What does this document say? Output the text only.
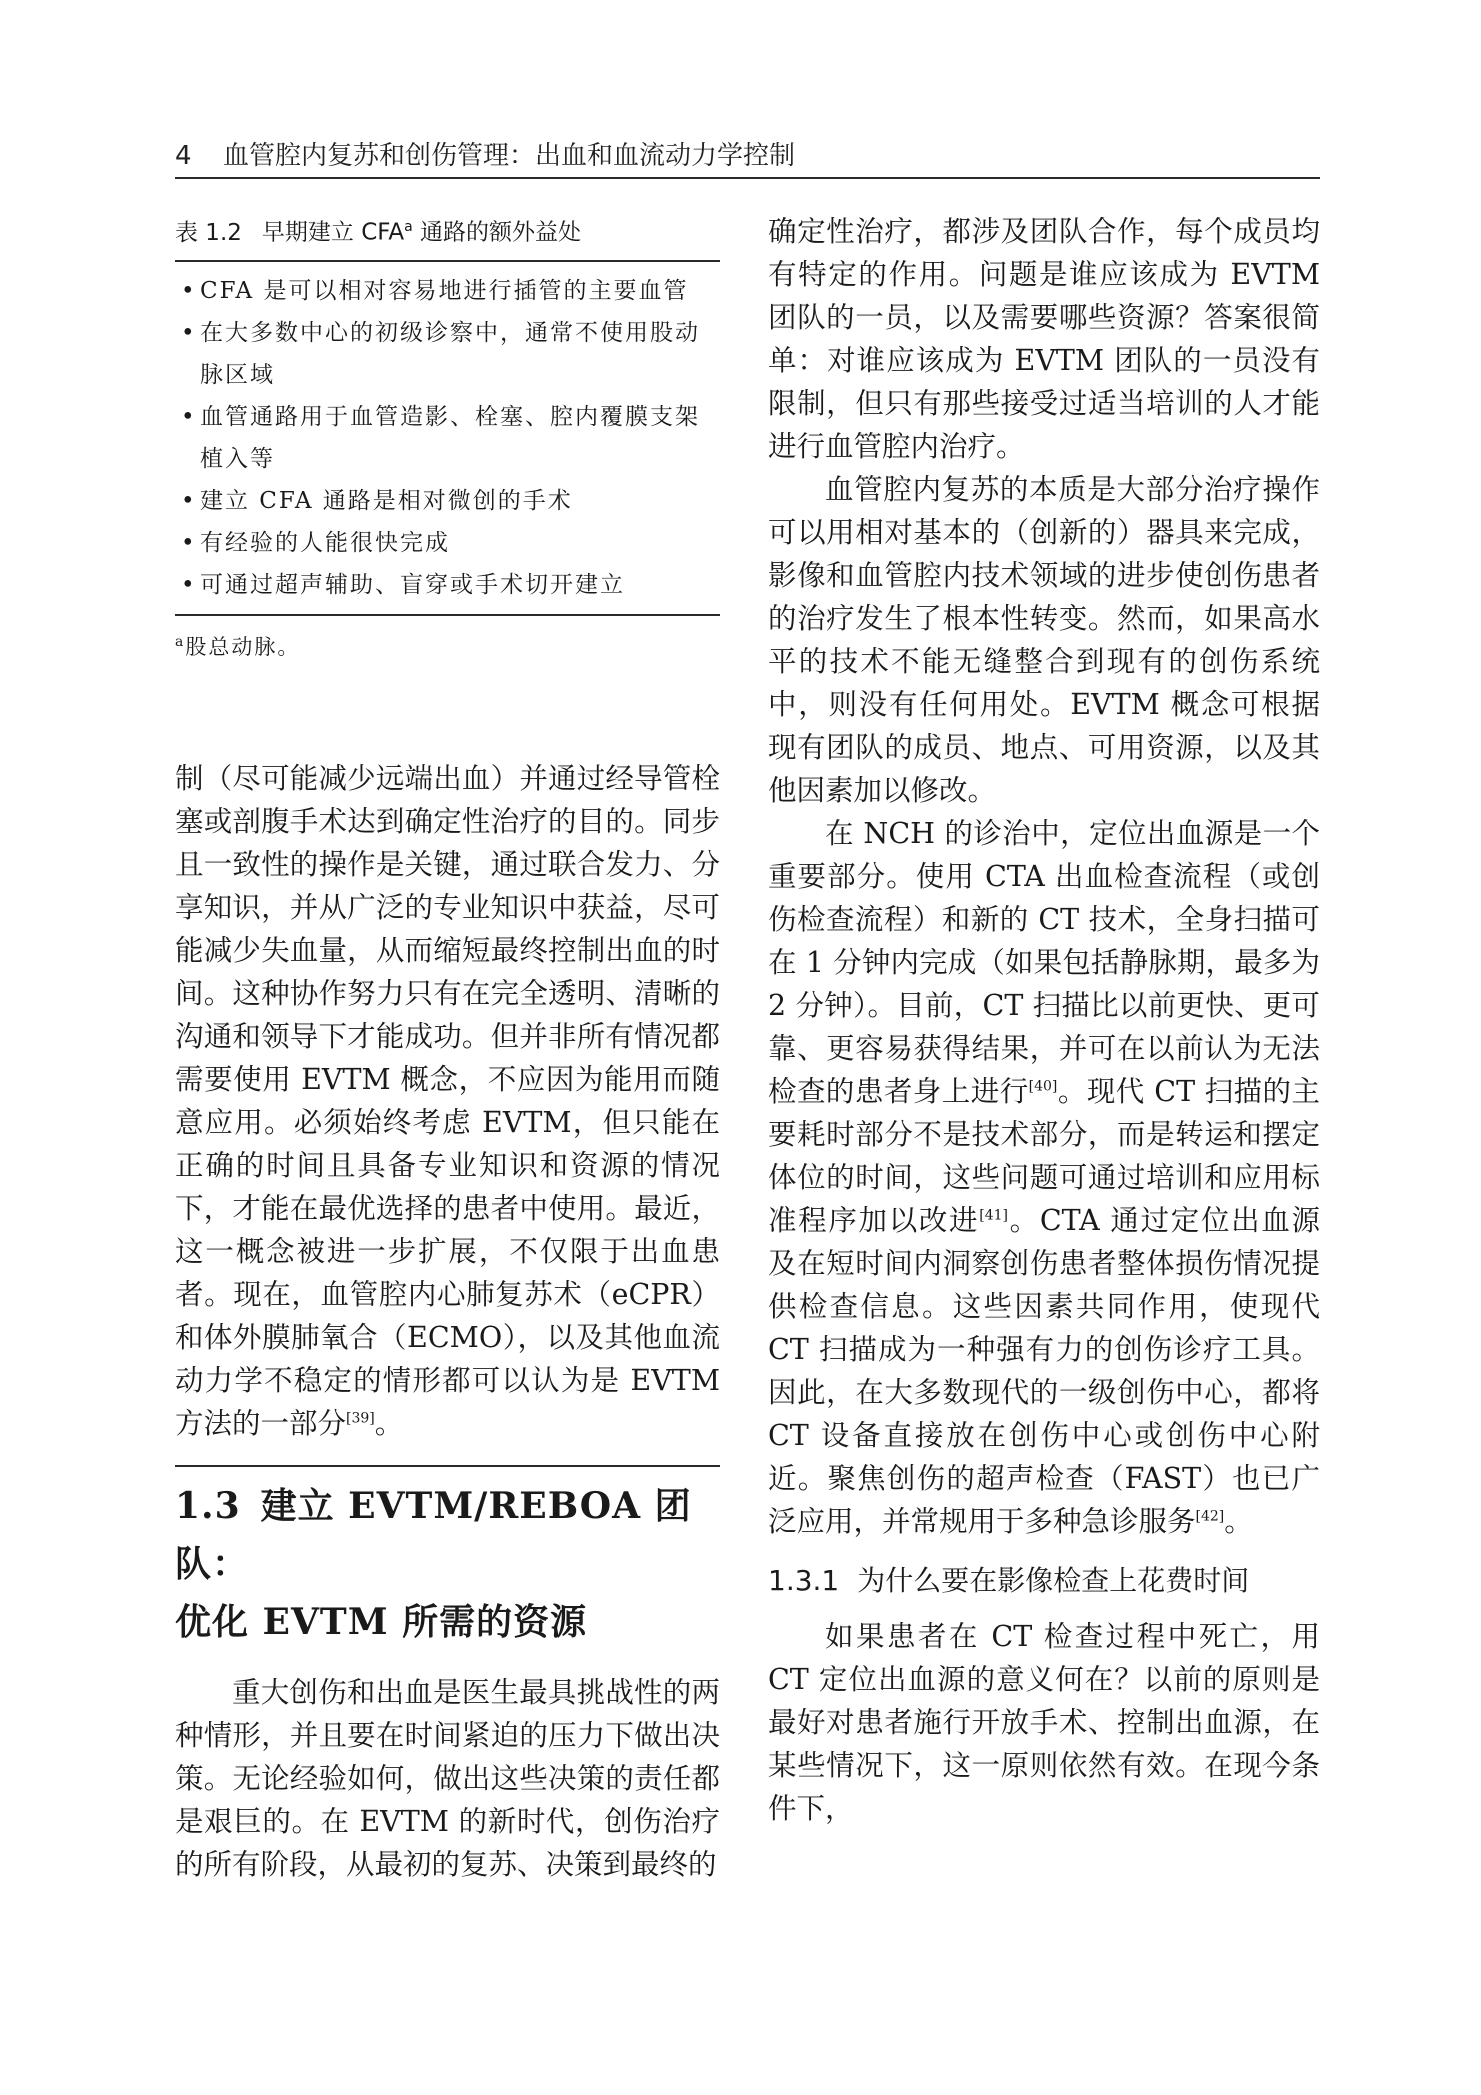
4 血管腔内复苏和创伤管理：出血和血流动力学控制
表 1.2 早期建立 CFA$^a$ 通路的额外益处
• CFA 是可以相对容易地进行插管的主要血管
• 在大多数中心的初级诊察中，通常不使用股动脉区域
• 血管通路用于血管造影、栓塞、腔内覆膜支架植入等
• 建立 CFA 通路是相对微创的手术
• 有经验的人能很快完成
• 可通过超声辅助、盲穿或手术切开建立

$^a$股总动脉。

制（尽可能减少远端出血）并通过经导管栓塞或剖腹手术达到确定性治疗的目的。同步且一致性的操作是关键，通过联合发力、分享知识，并从广泛的专业知识中获益，尽可能减少失血量，从而缩短最终控制出血的时间。这种协作努力只有在完全透明、清晰的沟通和领导下才能成功。但并非所有情况都需要使用 EVTM 概念，不应因为能用而随意应用。必须始终考虑 EVTM，但只能在正确的时间且具备专业知识和资源的情况下，才能在最优选择的患者中使用。最近，这一概念被进一步扩展，不仅限于出血患者。现在，血管腔内心肺复苏术（eCPR）和体外膜肺氧合（ECMO），以及其他血流动力学不稳定的情形都可以认为是 EVTM 方法的一部分[39]。

1.3 建立 EVTM/REBOA 团队：
优化 EVTM 所需的资源

重大创伤和出血是医生最具挑战性的两种情形，并且要在时间紧迫的压力下做出决策。无论经验如何，做出这些决策的责任都是艰巨的。在 EVTM 的新时代，创伤治疗的所有阶段，从最初的复苏、决策到最终的

确定性治疗，都涉及团队合作，每个成员均有特定的作用。问题是谁应该成为 EVTM 团队的一员，以及需要哪些资源？答案很简单：对谁应该成为 EVTM 团队的一员没有限制，但只有那些接受过适当培训的人才能进行血管腔内治疗。

血管腔内复苏的本质是大部分治疗操作可以用相对基本的（创新的）器具来完成，影像和血管腔内技术领域的进步使创伤患者的治疗发生了根本性转变。然而，如果高水平的技术不能无缝整合到现有的创伤系统中，则没有任何用处。EVTM 概念可根据现有团队的成员、地点、可用资源，以及其他因素加以修改。

在 NCH 的诊治中，定位出血源是一个重要部分。使用 CTA 出血检查流程（或创伤检查流程）和新的 CT 技术，全身扫描可在 1 分钟内完成（如果包括静脉期，最多为 2 分钟）。目前，CT 扫描比以前更快、更可靠、更容易获得结果，并可在以前认为无法检查的患者身上进行[40]。现代 CT 扫描的主要耗时部分不是技术部分，而是转运和摆定体位的时间，这些问题可通过培训和应用标准程序加以改进[41]。CTA 通过定位出血源及在短时间内洞察创伤患者整体损伤情况提供检查信息。这些因素共同作用，使现代 CT 扫描成为一种强有力的创伤诊疗工具。因此，在大多数现代的一级创伤中心，都将 CT 设备直接放在创伤中心或创伤中心附近。聚焦创伤的超声检查（FAST）也已广泛应用，并常规用于多种急诊服务[42]。

1.3.1 为什么要在影像检查上花费时间

如果患者在 CT 检查过程中死亡，用 CT 定位出血源的意义何在？以前的原则是最好对患者施行开放手术、控制出血源，在某些情况下，这一原则依然有效。在现今条件下，
